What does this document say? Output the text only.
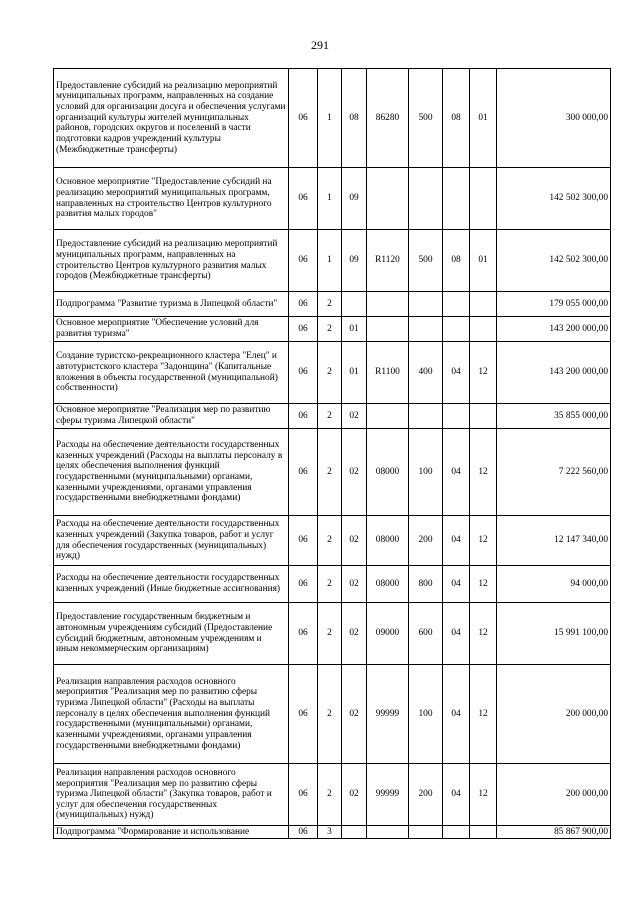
291
Предоставление субсидий на реализацию мероприятий муниципальных программ, направленных на создание условий для организации досуга и обеспечения услугами организаций культуры жителей муниципальных районов, городских округов и поселений в части подготовки кадров учреждений культуры (Межбюджетные трансферты)	06	1	08	86280	500	08	01	300 000,00
Основное мероприятие "Предоставление субсидий на реализацию мероприятий муниципальных программ, направленных на строительство Центров культурного развития малых городов"	06	1	09					142 502 300,00
Предоставление субсидий на реализацию мероприятий муниципальных программ, направленных на строительство Центров культурного развития малых городов (Межбюджетные трансферты)	06	1	09	R1120	500	08	01	142 502 300,00
Подпрограмма "Развитие туризма в Липецкой области"	06	2						179 055 000,00
Основное мероприятие "Обеспечение условий для развития туризма"	06	2	01					143 200 000,00
Создание туристско-рекреационного кластера "Елец" и автотуристского кластера "Задонщина" (Капитальные вложения в объекты государственной (муниципальной) собственности)	06	2	01	R1100	400	04	12	143 200 000,00
Основное мероприятие "Реализация мер по развитию сферы туризма Липецкой области"	06	2	02					35 855 000,00
Расходы на обеспечение деятельности государственных казенных учреждений (Расходы на выплаты персоналу в целях обеспечения выполнения функций государственными (муниципальными) органами, казенными учреждениями, органами управления государственными внебюджетными фондами)	06	2	02	08000	100	04	12	7 222 560,00
Расходы на обеспечение деятельности государственных казенных учреждений (Закупка товаров, работ и услуг для обеспечения государственных (муниципальных) нужд)	06	2	02	08000	200	04	12	12 147 340,00
Расходы на обеспечение деятельности государственных казенных учреждений (Иные бюджетные ассигнования)	06	2	02	08000	800	04	12	94 000,00
Предоставление государственным бюджетным и автономным учреждениям субсидий (Предоставление субсидий бюджетным, автономным учреждениям и иным некоммерческим организациям)	06	2	02	09000	600	04	12	15 991 100,00
Реализация направления расходов основного мероприятия "Реализация мер по развитию сферы туризма Липецкой области" (Расходы на выплаты персоналу в целях обеспечения выполнения функций государственными (муниципальными) органами, казенными учреждениями, органами управления государственными внебюджетными фондами)	06	2	02	99999	100	04	12	200 000,00
Реализация направления расходов основного мероприятия "Реализация мер по развитию сферы туризма Липецкой области" (Закупка товаров, работ и услуг для обеспечения государственных (муниципальных) нужд)	06	2	02	99999	200	04	12	200 000,00
Подпрограмма "Формирование и использование	06	3						85 867 900,00
